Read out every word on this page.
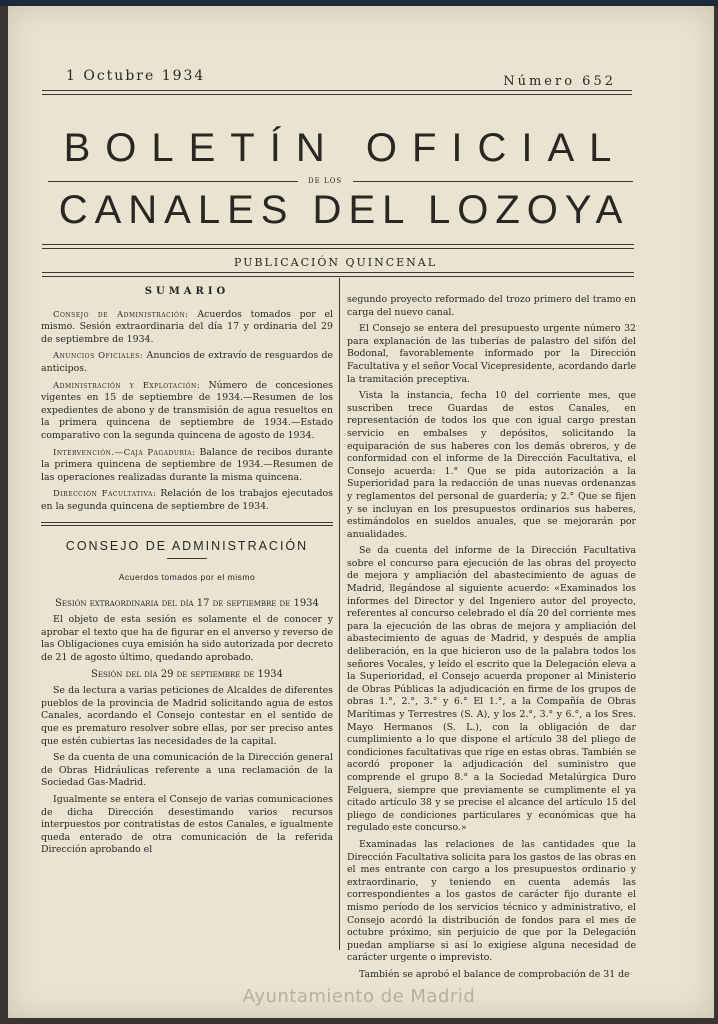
1 Octubre 1934	Número 652
BOLETÍN OFICIAL
DE LOS
CANALES DEL LOZOYA
PUBLICACIÓN QUINCENAL
SUMARIO

Consejo de Administración: Acuerdos tomados por el mismo. Sesión extraordinaria del día 17 y ordinaria del 29 de septiembre de 1934.

Anuncios Oficiales: Anuncios de extravío de resguardos de anticipos.

Administración y Explotación: Número de concesiones vigentes en 15 de septiembre de 1934.—Resumen de los expedientes de abono y de transmisión de agua resueltos en la primera quincena de septiembre de 1934.—Estado comparativo con la segunda quincena de agosto de 1934.

Intervención.—Caja Pagaduría: Balance de recibos durante la primera quincena de septiembre de 1934.—Resumen de las operaciones realizadas durante la misma quincena.

Dirección Facultativa: Relación de los trabajos ejecutados en la segunda quincena de septiembre de 1934.

CONSEJO DE ADMINISTRACIÓN
Acuerdos tomados por el mismo

Sesión extraordinaria del día 17 de septiembre de 1934

El objeto de esta sesión es solamente el de conocer y aprobar el texto que ha de figurar en el anverso y reverso de las Obligaciones cuya emisión ha sido autorizada por decreto de 21 de agosto último, quedando aprobado.

Sesión del día 29 de septiembre de 1934

Se da lectura a varias peticiones de Alcaldes de diferentes pueblos de la provincia de Madrid solicitando agua de estos Canales, acordando el Consejo contestar en el sentido de que es prematuro resolver sobre ellas, por ser preciso antes que estén cubiertas las necesidades de la capital.

Se da cuenta de una comunicación de la Dirección general de Obras Hidráulicas referente a una reclamación de la Sociedad Gas-Madrid.

Igualmente se entera el Consejo de varias comunicaciones de dicha Dirección desestimando varios recursos interpuestos por contratistas de estos Canales, e igualmente queda enterado de otra comunicación de la referida Dirección aprobando el

segundo proyecto reformado del trozo primero del tramo en carga del nuevo canal.

El Consejo se entera del presupuesto urgente número 32 para explanación de las tuberías de palastro del sifón del Bodonal, favorablemente informado por la Dirección Facultativa y el señor Vocal Vicepresidente, acordando darle la tramitación preceptiva.

Vista la instancia, fecha 10 del corriente mes, que suscriben trece Guardas de estos Canales, en representación de todos los que con igual cargo prestan servicio en embalses y depósitos, solicitando la equiparación de sus haberes con los demás obreros, y de conformidad con el informe de la Dirección Facultativa, el Consejo acuerda: 1.° Que se pida autorización a la Superioridad para la redacción de unas nuevas ordenanzas y reglamentos del personal de guardería; y 2.° Que se fijen y se incluyan en los presupuestos ordinarios sus haberes, estimándolos en sueldos anuales, que se mejorarán por anualidades.

Se da cuenta del informe de la Dirección Facultativa sobre el concurso para ejecución de las obras del proyecto de mejora y ampliación del abastecimiento de aguas de Madrid, llegándose al siguiente acuerdo: «Examinados los informes del Director y del Ingeniero autor del proyecto, referentes al concurso celebrado el día 20 del corriente mes para la ejecución de las obras de mejora y ampliación del abastecimiento de aguas de Madrid, y después de amplia deliberación, en la que hicieron uso de la palabra todos los señores Vocales, y leído el escrito que la Delegación eleva a la Superioridad, el Consejo acuerda proponer al Ministerio de Obras Públicas la adjudicación en firme de los grupos de obras 1.°, 2.°, 3.° y 6.° El 1.°, a la Compañía de Obras Marítimas y Terrestres (S. A), y los 2.°, 3.° y 6.°, a los Sres. Mayo Hermanos (S. L.), con la obligación de dar cumplimiento a lo que dispone el artículo 38 del pliego de condiciones facultativas que rige en estas obras. También se acordó proponer la adjudicación del suministro que comprende el grupo 8.° a la Sociedad Metalúrgica Duro Felguera, siempre que previamente se cumplimente el ya citado artículo 38 y se precise el alcance del artículo 15 del pliego de condiciones particulares y económicas que ha regulado este concurso.»

Examinadas las relaciones de las cantidades que la Dirección Facultativa solicita para los gastos de las obras en el mes entrante con cargo a los presupuestos ordinario y extraordinario, y teniendo en cuenta además las correspondientes a los gastos de carácter fijo durante el mismo período de los servicios técnico y administrativo, el Consejo acordó la distribución de fondos para el mes de octubre próximo, sin perjuicio de que por la Delegación puedan ampliarse si así lo exigiese alguna necesidad de carácter urgente o imprevisto.

También se aprobó el balance de comprobación de 31 de

Ayuntamiento de Madrid
